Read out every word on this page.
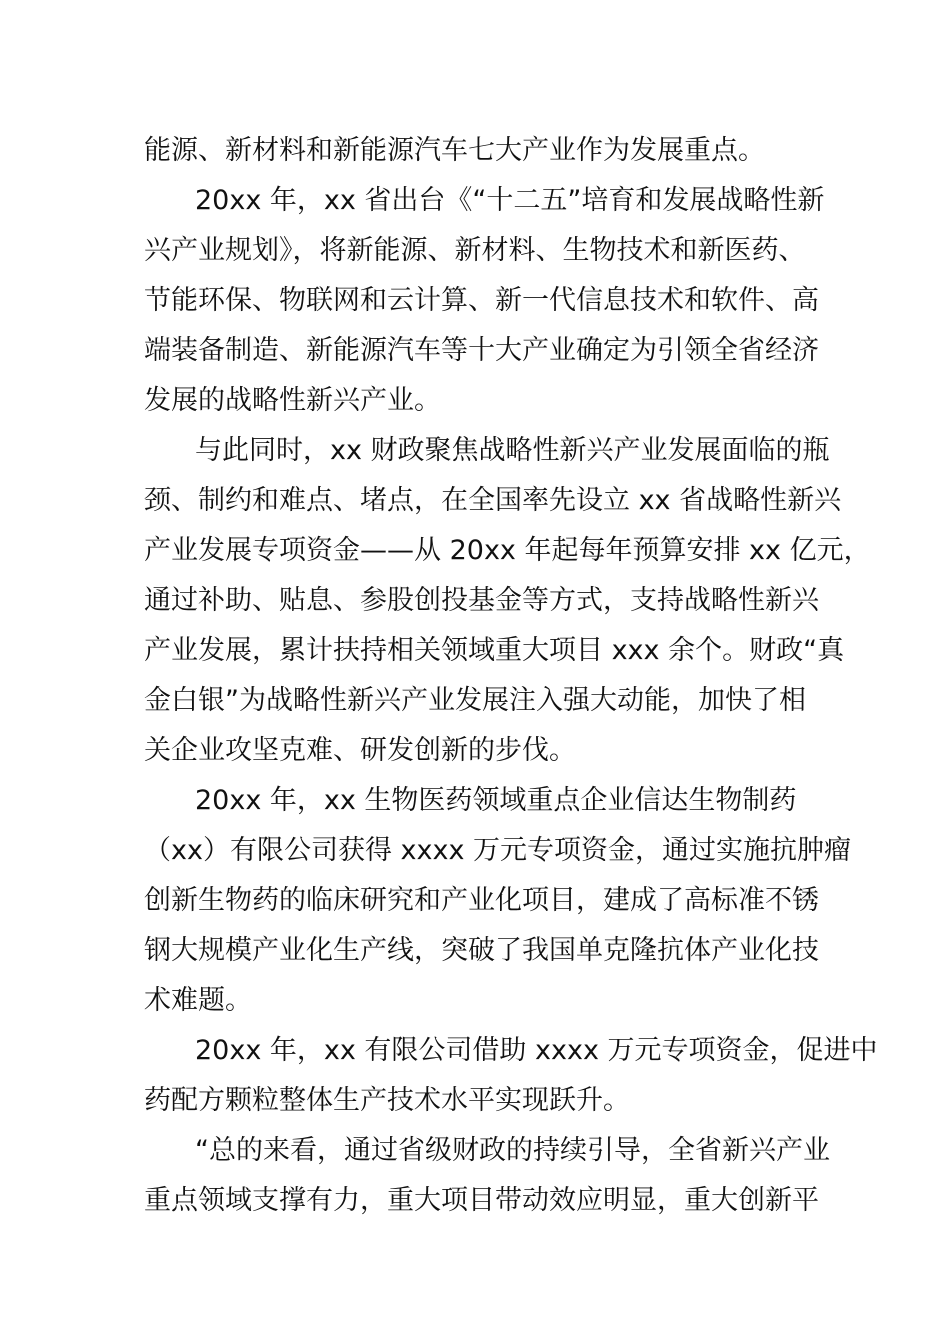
能源、新材料和新能源汽车七大产业作为发展重点。
20xx 年，xx 省出台《“十二五”培育和发展战略性新
兴产业规划》，将新能源、新材料、生物技术和新医药、
节能环保、物联网和云计算、新一代信息技术和软件、高
端装备制造、新能源汽车等十大产业确定为引领全省经济
发展的战略性新兴产业。
与此同时，xx 财政聚焦战略性新兴产业发展面临的瓶
颈、制约和难点、堵点，在全国率先设立 xx 省战略性新兴
产业发展专项资金——从 20xx 年起每年预算安排 xx 亿元，
通过补助、贴息、参股创投基金等方式，支持战略性新兴
产业发展，累计扶持相关领域重大项目 xxx 余个。财政“真
金白银”为战略性新兴产业发展注入强大动能，加快了相
关企业攻坚克难、研发创新的步伐。
20xx 年，xx 生物医药领域重点企业信达生物制药
（xx）有限公司获得 xxxx 万元专项资金，通过实施抗肿瘤
创新生物药的临床研究和产业化项目，建成了高标准不锈
钢大规模产业化生产线，突破了我国单克隆抗体产业化技
术难题。
20xx 年，xx 有限公司借助 xxxx 万元专项资金，促进中
药配方颗粒整体生产技术水平实现跃升。
“总的来看，通过省级财政的持续引导，全省新兴产业
重点领域支撑有力，重大项目带动效应明显，重大创新平
